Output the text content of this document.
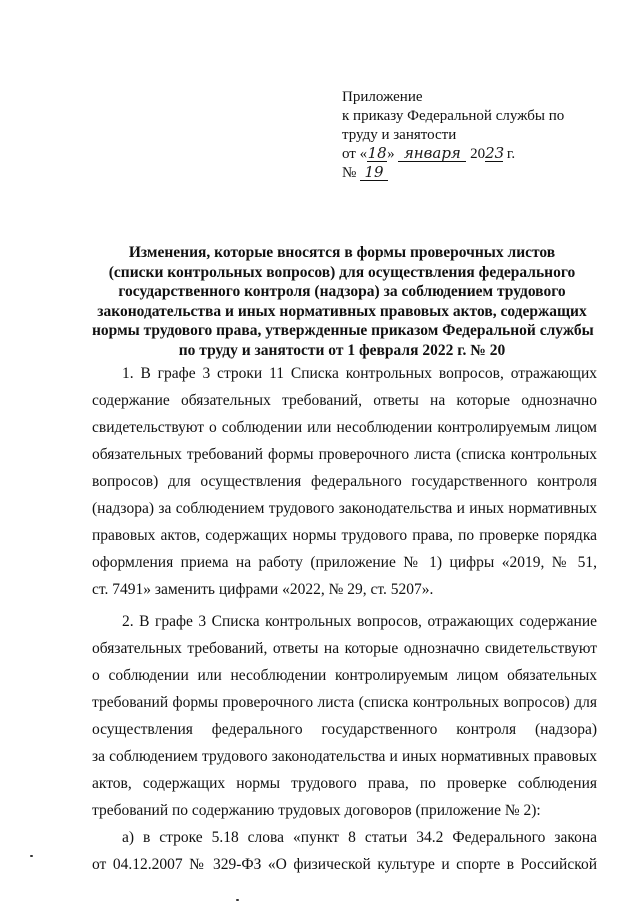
Приложение
к приказу Федеральной службы по
труду и занятости
от «18» января 2023 г.
№ 19
Изменения, которые вносятся в формы проверочных листов
(списки контрольных вопросов) для осуществления федерального
государственного контроля (надзора) за соблюдением трудового
законодательства и иных нормативных правовых актов, содержащих
нормы трудового права, утвержденные приказом Федеральной службы
по труду и занятости от 1 февраля 2022 г. № 20
1. В графе 3 строки 11 Списка контрольных вопросов, отражающих
содержание обязательных требований, ответы на которые однозначно
свидетельствуют о соблюдении или несоблюдении контролируемым лицом
обязательных требований формы проверочного листа (списка контрольных
вопросов) для осуществления федерального государственного контроля
(надзора) за соблюдением трудового законодательства и иных нормативных
правовых актов, содержащих нормы трудового права, по проверке порядка
оформления приема на работу (приложение № 1) цифры «2019, № 51,
ст. 7491» заменить цифрами «2022, № 29, ст. 5207».
2. В графе 3 Списка контрольных вопросов, отражающих содержание
обязательных требований, ответы на которые однозначно свидетельствуют
о соблюдении или несоблюдении контролируемым лицом обязательных
требований формы проверочного листа (списка контрольных вопросов) для
осуществления федерального государственного контроля (надзора)
за соблюдением трудового законодательства и иных нормативных правовых
актов, содержащих нормы трудового права, по проверке соблюдения
требований по содержанию трудовых договоров (приложение № 2):
а) в строке 5.18 слова «пункт 8 статьи 34.2 Федерального закона
от 04.12.2007 № 329-ФЗ «О физической культуре и спорте в Российской
